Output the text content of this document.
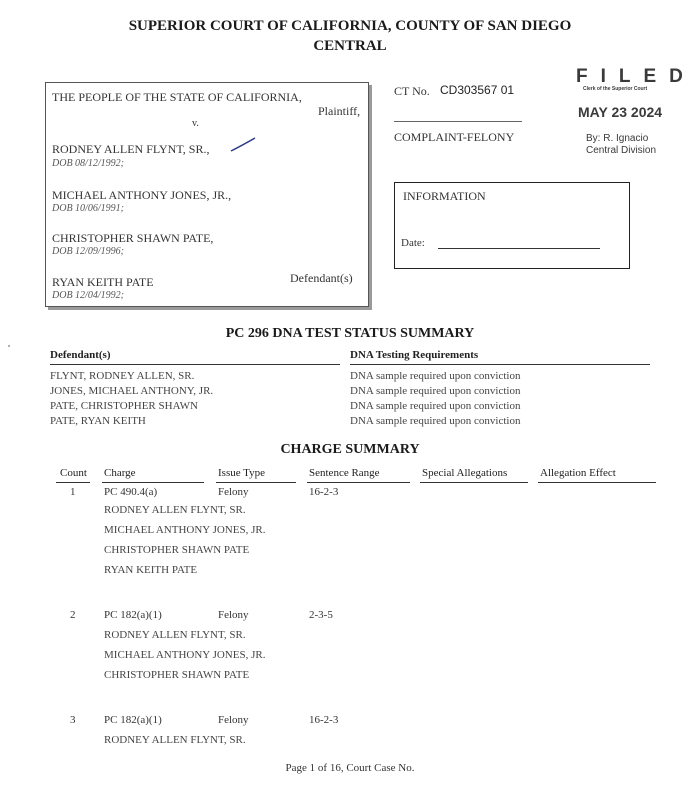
SUPERIOR COURT OF CALIFORNIA, COUNTY OF SAN DIEGO
CENTRAL
THE PEOPLE OF THE STATE OF CALIFORNIA,
Plaintiff,
v.
RODNEY ALLEN FLYNT, SR.,
DOB 08/12/1992;
MICHAEL ANTHONY JONES, JR.,
DOB 10/06/1991;
CHRISTOPHER SHAWN PATE,
DOB 12/09/1996;
RYAN KEITH PATE	Defendant(s)
DOB 12/04/1992;
CT No. CD303567 01
COMPLAINT-FELONY
FILED
Clerk of the Superior Court
MAY 23 2024
By: R. Ignacio
Central Division
INFORMATION
Date:
PC 296 DNA TEST STATUS SUMMARY
Defendant(s)	DNA Testing Requirements
FLYNT, RODNEY ALLEN, SR.	DNA sample required upon conviction
JONES, MICHAEL ANTHONY, JR.	DNA sample required upon conviction
PATE, CHRISTOPHER SHAWN	DNA sample required upon conviction
PATE, RYAN KEITH	DNA sample required upon conviction
CHARGE SUMMARY
Count Charge	Issue Type	Sentence Range	Special Allegations	Allegation Effect
1	PC 490.4(a)	Felony	16-2-3
RODNEY ALLEN FLYNT, SR.
MICHAEL ANTHONY JONES, JR.
CHRISTOPHER SHAWN PATE
RYAN KEITH PATE
2	PC 182(a)(1)	Felony	2-3-5
RODNEY ALLEN FLYNT, SR.
MICHAEL ANTHONY JONES, JR.
CHRISTOPHER SHAWN PATE
3	PC 182(a)(1)	Felony	16-2-3
RODNEY ALLEN FLYNT, SR.
Page 1 of 16, Court Case No.
